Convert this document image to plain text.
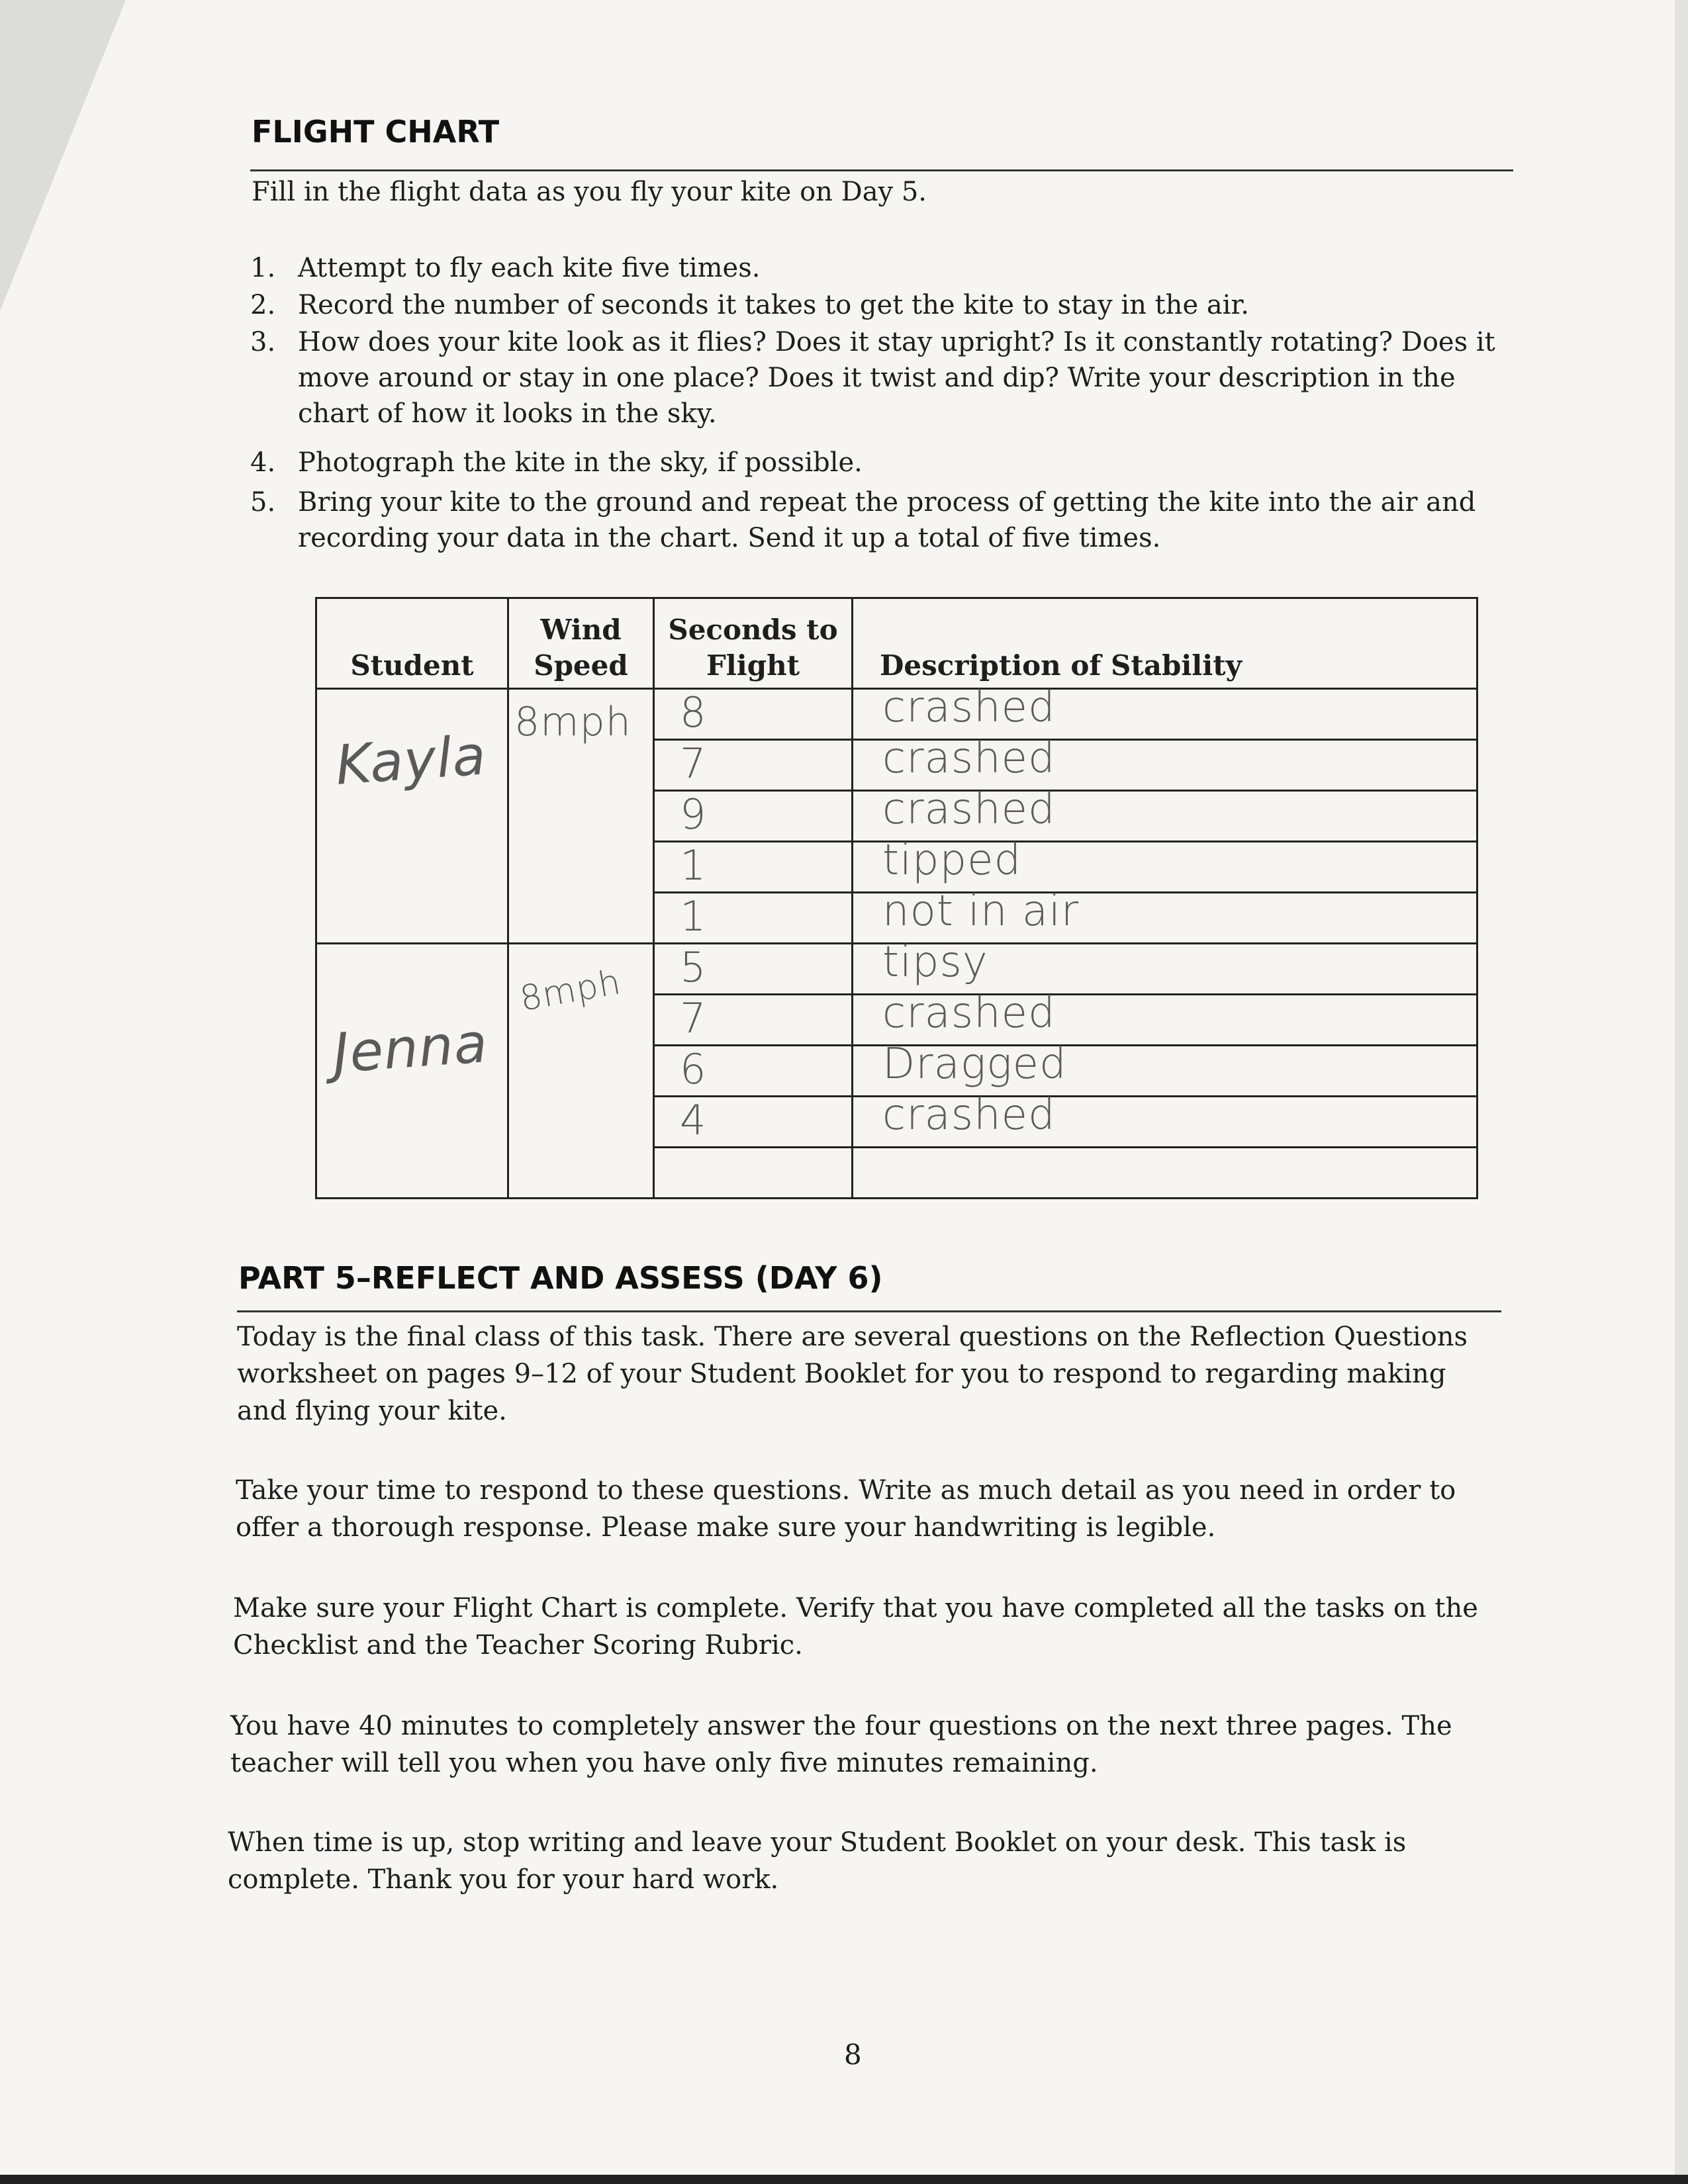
FLIGHT CHART
Fill in the flight data as you fly your kite on Day 5.
1. Attempt to fly each kite five times.
2. Record the number of seconds it takes to get the kite to stay in the air.
3. How does your kite look as it flies? Does it stay upright? Is it constantly rotating? Does it move around or stay in one place? Does it twist and dip? Write your description in the chart of how it looks in the sky.
4. Photograph the kite in the sky, if possible.
5. Bring your kite to the ground and repeat the process of getting the kite into the air and recording your data in the chart. Send it up a total of five times.
Student	Wind Speed	Seconds to Flight	Description of Stability

Kayla	8mph	8	crashed

		7	crashed

		9	crashed

		1	tipped

		1	not in air

Jenna	8mph	5	tipsy

		7	crashed

		6	Dragged

		4	crashed

PART 5–REFLECT AND ASSESS (DAY 6)
Today is the final class of this task. There are several questions on the Reflection Questions worksheet on pages 9–12 of your Student Booklet for you to respond to regarding making and flying your kite.
Take your time to respond to these questions. Write as much detail as you need in order to offer a thorough response. Please make sure your handwriting is legible.
Make sure your Flight Chart is complete. Verify that you have completed all the tasks on the Checklist and the Teacher Scoring Rubric.
You have 40 minutes to completely answer the four questions on the next three pages. The teacher will tell you when you have only five minutes remaining.
When time is up, stop writing and leave your Student Booklet on your desk. This task is complete. Thank you for your hard work.
8
